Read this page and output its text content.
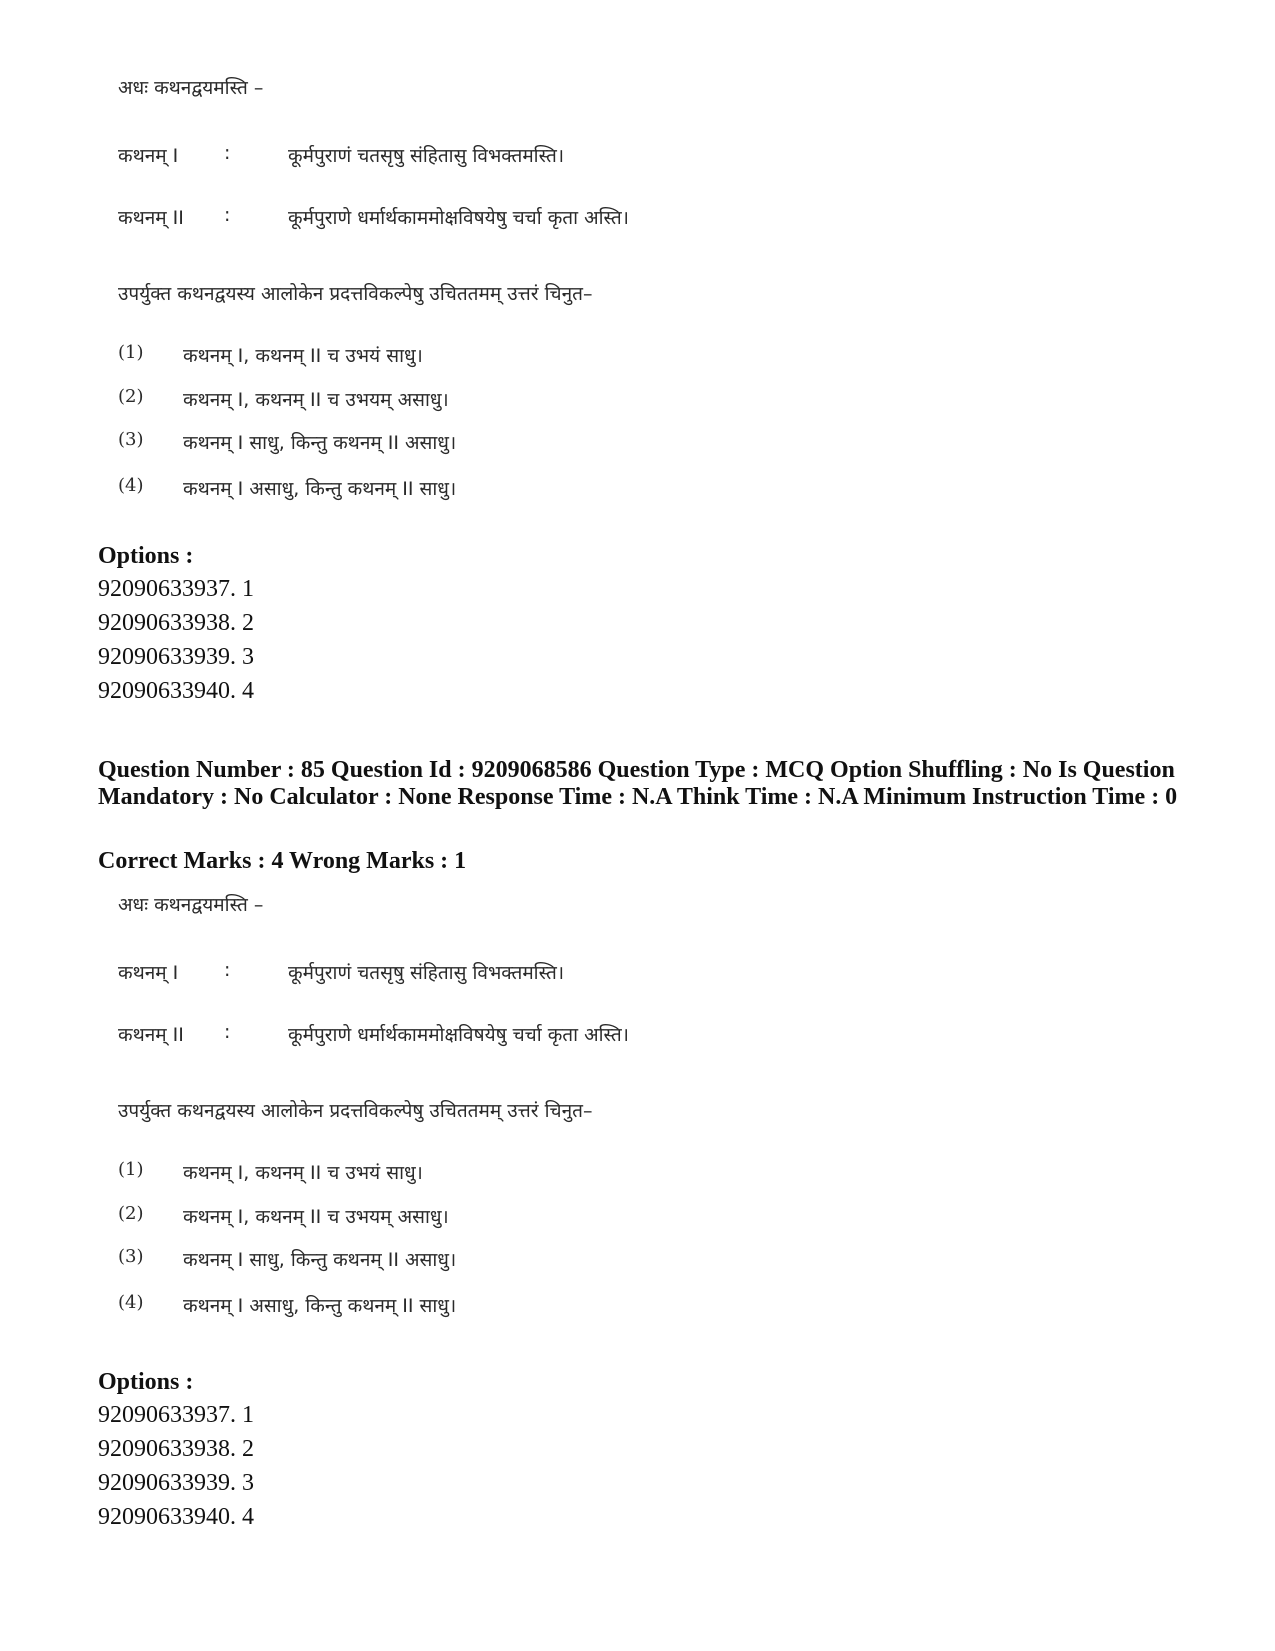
अधः कथनद्वयमस्ति –
कथनम् I	:	कूर्मपुराणं चतसृषु संहितासु विभक्तमस्ति।
कथनम् II	:	कूर्मपुराणे धर्मार्थकाममोक्षविषयेषु चर्चा कृता अस्ति।
उपर्युक्त कथनद्वयस्य आलोकेन प्रदत्तविकल्पेषु उचिततमम् उत्तरं चिनुत–
(1) कथनम् I, कथनम् II च उभयं साधु।
(2) कथनम् I, कथनम् II च उभयम् असाधु।
(3) कथनम् I साधु, किन्तु कथनम् II असाधु।
(4) कथनम् I असाधु, किन्तु कथनम् II साधु।
Options :
92090633937. 1
92090633938. 2
92090633939. 3
92090633940. 4
Question Number : 85 Question Id : 9209068586 Question Type : MCQ Option Shuffling : No Is Question Mandatory : No Calculator : None Response Time : N.A Think Time : N.A Minimum Instruction Time : 0
Correct Marks : 4 Wrong Marks : 1
अधः कथनद्वयमस्ति –
कथनम् I	:	कूर्मपुराणं चतसृषु संहितासु विभक्तमस्ति।
कथनम् II	:	कूर्मपुराणे धर्मार्थकाममोक्षविषयेषु चर्चा कृता अस्ति।
उपर्युक्त कथनद्वयस्य आलोकेन प्रदत्तविकल्पेषु उचिततमम् उत्तरं चिनुत–
(1) कथनम् I, कथनम् II च उभयं साधु।
(2) कथनम् I, कथनम् II च उभयम् असाधु।
(3) कथनम् I साधु, किन्तु कथनम् II असाधु।
(4) कथनम् I असाधु, किन्तु कथनम् II साधु।
Options :
92090633937. 1
92090633938. 2
92090633939. 3
92090633940. 4
